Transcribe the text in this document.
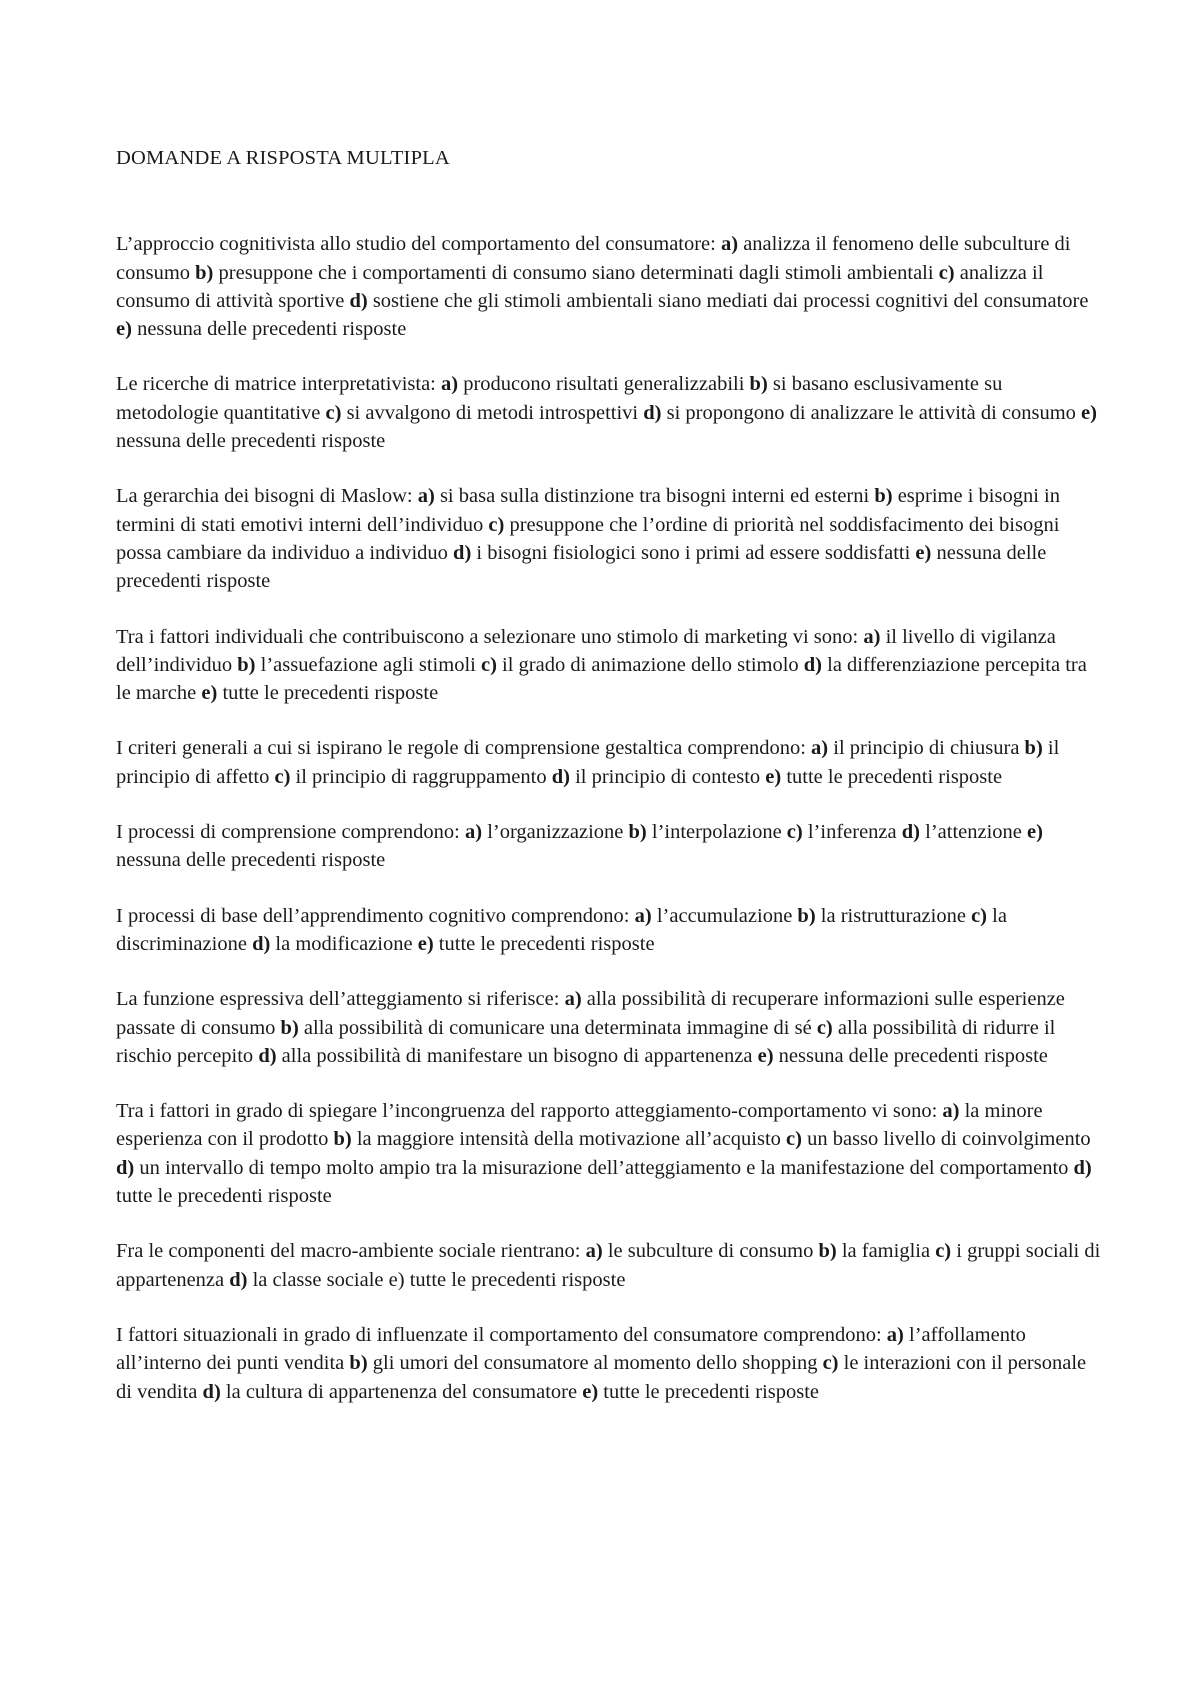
DOMANDE A RISPOSTA MULTIPLA

L’approccio cognitivista allo studio del comportamento del consumatore: a) analizza il fenomeno delle subculture di consumo b) presuppone che i comportamenti di consumo siano determinati dagli stimoli ambientali c) analizza il consumo di attività sportive d) sostiene che gli stimoli ambientali siano mediati dai processi cognitivi del consumatore e) nessuna delle precedenti risposte

Le ricerche di matrice interpretativista: a) producono risultati generalizzabili b) si basano esclusivamente su metodologie quantitative c) si avvalgono di metodi introspettivi d) si propongono di analizzare le attività di consumo e) nessuna delle precedenti risposte

La gerarchia dei bisogni di Maslow: a) si basa sulla distinzione tra bisogni interni ed esterni b) esprime i bisogni in termini di stati emotivi interni dell’individuo c) presuppone che l’ordine di priorità nel soddisfacimento dei bisogni possa cambiare da individuo a individuo d) i bisogni fisiologici sono i primi ad essere soddisfatti e) nessuna delle precedenti risposte

Tra i fattori individuali che contribuiscono a selezionare uno stimolo di marketing vi sono: a) il livello di vigilanza dell’individuo b) l’assuefazione agli stimoli c) il grado di animazione dello stimolo d) la differenziazione percepita tra le marche e) tutte le precedenti risposte

I criteri generali a cui si ispirano le regole di comprensione gestaltica comprendono: a) il principio di chiusura b) il principio di affetto c) il principio di raggruppamento d) il principio di contesto e) tutte le precedenti risposte

I processi di comprensione comprendono: a) l’organizzazione b) l’interpolazione c) l’inferenza d) l’attenzione e) nessuna delle precedenti risposte

I processi di base dell’apprendimento cognitivo comprendono: a) l’accumulazione b) la ristrutturazione c) la discriminazione d) la modificazione e) tutte le precedenti risposte

La funzione espressiva dell’atteggiamento si riferisce: a) alla possibilità di recuperare informazioni sulle esperienze passate di consumo b) alla possibilità di comunicare una determinata immagine di sé c) alla possibilità di ridurre il rischio percepito d) alla possibilità di manifestare un bisogno di appartenenza e) nessuna delle precedenti risposte

Tra i fattori in grado di spiegare l’incongruenza del rapporto atteggiamento-comportamento vi sono: a) la minore esperienza con il prodotto b) la maggiore intensità della motivazione all’acquisto c) un basso livello di coinvolgimento d) un intervallo di tempo molto ampio tra la misurazione dell’atteggiamento e la manifestazione del comportamento d) tutte le precedenti risposte

Fra le componenti del macro-ambiente sociale rientrano: a) le subculture di consumo b) la famiglia c) i gruppi sociali di appartenenza d) la classe sociale e) tutte le precedenti risposte

I fattori situazionali in grado di influenzate il comportamento del consumatore comprendono: a) l’affollamento all’interno dei punti vendita b) gli umori del consumatore al momento dello shopping c) le interazioni con il personale di vendita d) la cultura di appartenenza del consumatore e) tutte le precedenti risposte
